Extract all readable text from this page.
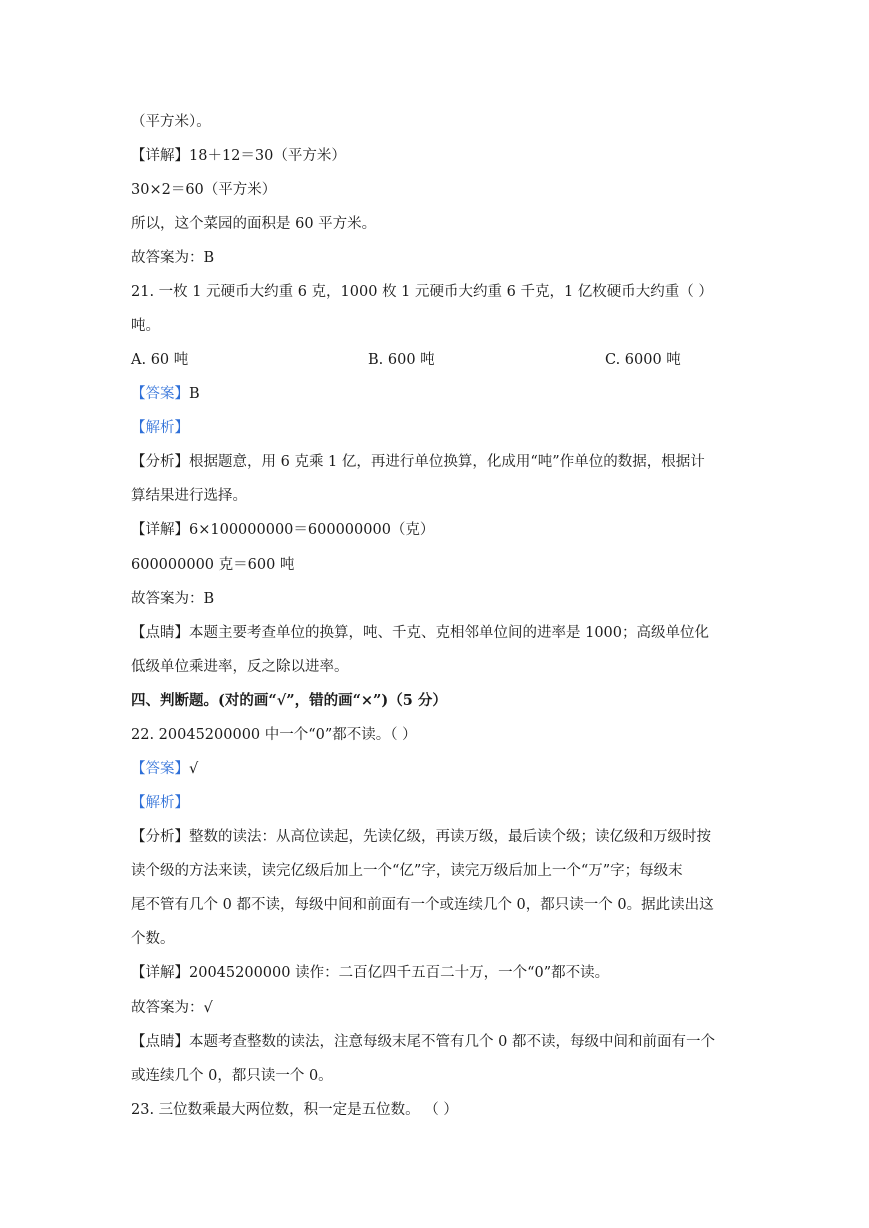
（平方米）。
【详解】18＋12＝30（平方米）
30×2＝60（平方米）
所以，这个菜园的面积是 60 平方米。
故答案为：B
21. 一枚 1 元硬币大约重 6 克，1000 枚 1 元硬币大约重 6 千克，1 亿枚硬币大约重（ ）
吨。
A. 60 吨	B. 600 吨	C. 6000 吨
【答案】B
【解析】
【分析】根据题意，用 6 克乘 1 亿，再进行单位换算，化成用“吨”作单位的数据，根据计
算结果进行选择。
【详解】6×100000000＝600000000（克）
600000000 克＝600 吨
故答案为：B
【点睛】本题主要考查单位的换算，吨、千克、克相邻单位间的进率是 1000；高级单位化
低级单位乘进率，反之除以进率。
四、判断题。(对的画“√”，错的画“×”)（5 分）
22. 20045200000 中一个“0”都不读。（ ）
【答案】√
【解析】
【分析】整数的读法：从高位读起，先读亿级，再读万级，最后读个级；读亿级和万级时按
读个级的方法来读，读完亿级后加上一个“亿”字，读完万级后加上一个“万”字；每级末
尾不管有几个 0 都不读，每级中间和前面有一个或连续几个 0，都只读一个 0。据此读出这
个数。
【详解】20045200000 读作：二百亿四千五百二十万，一个“0”都不读。
故答案为：√
【点睛】本题考查整数的读法，注意每级末尾不管有几个 0 都不读，每级中间和前面有一个
或连续几个 0，都只读一个 0。
23. 三位数乘最大两位数，积一定是五位数。 （ ）
